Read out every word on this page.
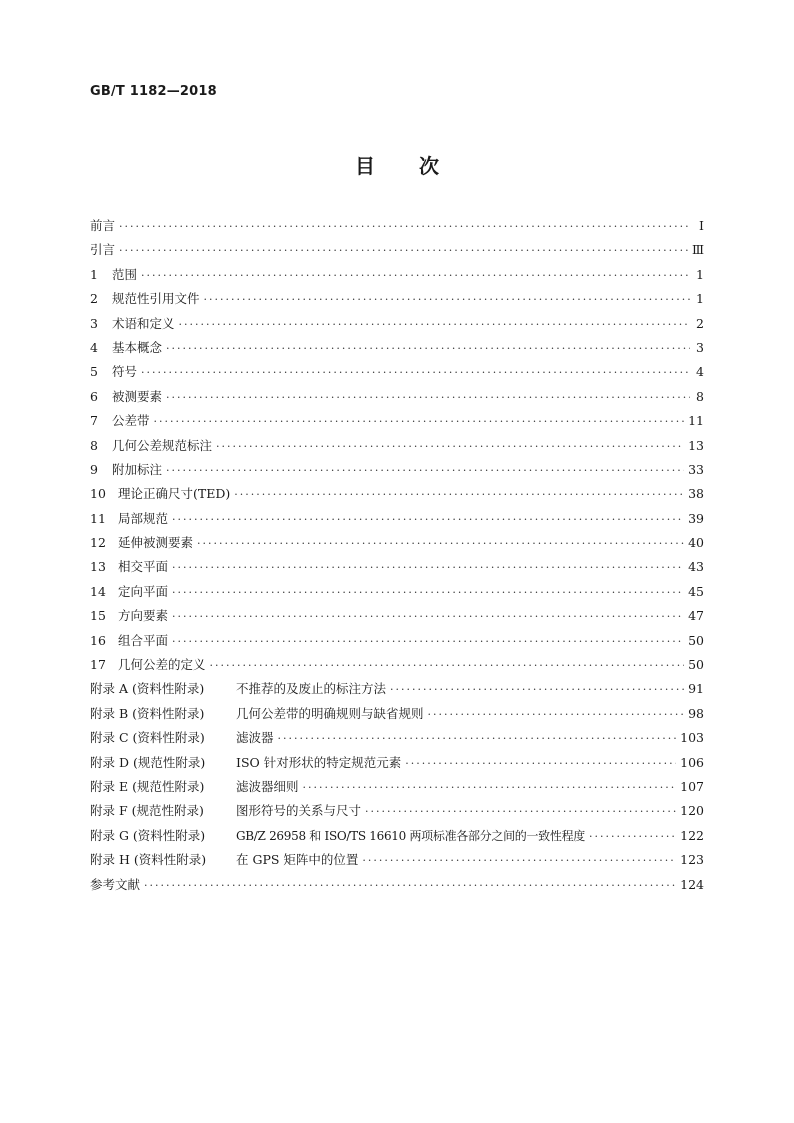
GB/T 1182—2018
目 次
前言 ·····	Ⅰ
引言 ·····	Ⅲ
1 范围 ·····	1
2 规范性引用文件 ·····	1
3 术语和定义 ·····	2
4 基本概念 ·····	3
5 符号 ·····	4
6 被测要素 ·····	8
7 公差带 ·····	11
8 几何公差规范标注 ·····	13
9 附加标注 ·····	33
10 理论正确尺寸(TED) ·····	38
11 局部规范 ·····	39
12 延伸被测要素 ·····	40
13 相交平面 ·····	43
14 定向平面 ·····	45
15 方向要素 ·····	47
16 组合平面 ·····	50
17 几何公差的定义 ·····	50
附录 A (资料性附录)	不推荐的及废止的标注方法 ·····	91
附录 B (资料性附录)	几何公差带的明确规则与缺省规则 ·····	98
附录 C (资料性附录) 滤波器 ·····	103
附录 D (规范性附录) ISO 针对形状的特定规范元素 ·····	106
附录 E (规范性附录)	滤波器细则 ·····	107
附录 F (规范性附录)	图形符号的关系与尺寸 ·····	120
附录 G (资料性附录)	GB/Z 26958 和 ISO/TS 16610 两项标准各部分之间的一致性程度 ·····	122
附录 H (资料性附录) 在 GPS 矩阵中的位置 ·····	123
参考文献 ·····	124
